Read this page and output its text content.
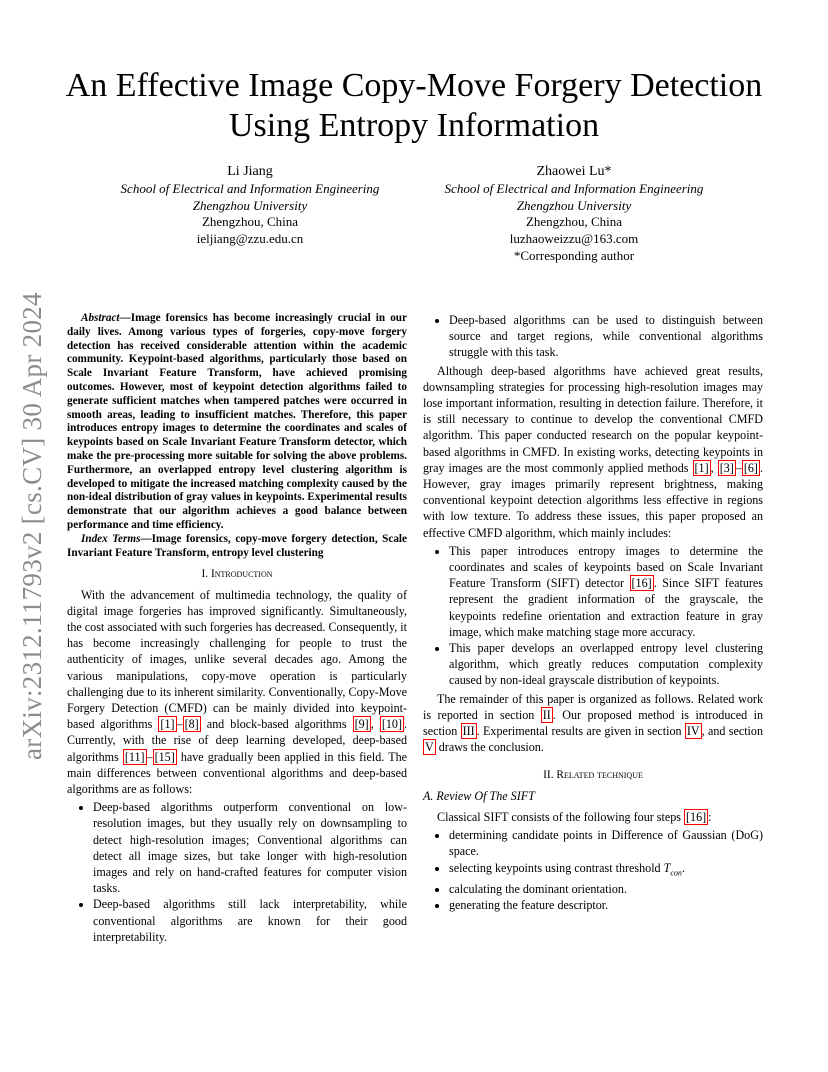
arXiv:2312.11793v2 [cs.CV] 30 Apr 2024
An Effective Image Copy-Move Forgery Detection Using Entropy Information
Li Jiang
School of Electrical and Information Engineering
Zhengzhou University
Zhengzhou, China
ieljiang@zzu.edu.cn
Zhaowei Lu*
School of Electrical and Information Engineering
Zhengzhou University
Zhengzhou, China
luzhaoweizzu@163.com
*Corresponding author

Abstract—Image forensics has become increasingly crucial in our daily lives. Among various types of forgeries, copy-move forgery detection has received considerable attention within the academic community. Keypoint-based algorithms, particularly those based on Scale Invariant Feature Transform, have achieved promising outcomes. However, most of keypoint detection algorithms failed to generate sufficient matches when tampered patches were occurred in smooth areas, leading to insufficient matches. Therefore, this paper introduces entropy images to determine the coordinates and scales of keypoints based on Scale Invariant Feature Transform detector, which make the pre-processing more suitable for solving the above problems. Furthermore, an overlapped entropy level clustering algorithm is developed to mitigate the increased matching complexity caused by the non-ideal distribution of gray values in keypoints. Experimental results demonstrate that our algorithm achieves a good balance between performance and time efficiency.

Index Terms—Image forensics, copy-move forgery detection, Scale Invariant Feature Transform, entropy level clustering

I. Introduction

With the advancement of multimedia technology, the quality of digital image forgeries has improved significantly. Simultaneously, the cost associated with such forgeries has decreased. Consequently, it has become increasingly challenging for people to trust the authenticity of images, unlike several decades ago. Among the various manipulations, copy-move operation is particularly challenging due to its inherent similarity. Conventionally, Copy-Move Forgery Detection (CMFD) can be mainly divided into keypoint-based algorithms [1] – [8] and block-based algorithms [9] , [10] . Currently, with the rise of deep learning developed, deep-based algorithms [11] – [15] have gradually been applied in this field. The main differences between conventional algorithms and deep-based algorithms are as follows:

• Deep-based algorithms outperform conventional on low-resolution images, but they usually rely on downsampling to detect high-resolution images; Conventional algorithms can detect all image sizes, but take longer with high-resolution images and rely on hand-crafted features for computer vision tasks.
• Deep-based algorithms still lack interpretability, while conventional algorithms are known for their good interpretability.
• Deep-based algorithms can be used to distinguish between source and target regions, while conventional algorithms struggle with this task.

Although deep-based algorithms have achieved great results, downsampling strategies for processing high-resolution images may lose important information, resulting in detection failure. Therefore, it is still necessary to continue to develop the conventional CMFD algorithm. This paper conducted research on the popular keypoint-based algorithms in CMFD. In existing works, detecting keypoints in gray images are the most commonly applied methods [1] , [3] – [6] . However, gray images primarily represent brightness, making conventional keypoint detection algorithms less effective in regions with low texture. To address these issues, this paper proposed an effective CMFD algorithm, which mainly includes:

• This paper introduces entropy images to determine the coordinates and scales of keypoints based on Scale Invariant Feature Transform (SIFT) detector [16] . Since SIFT features represent the gradient information of the grayscale, the keypoints redefine orientation and extraction feature in gray image, which make matching stage more accuracy.
• This paper develops an overlapped entropy level clustering algorithm, which greatly reduces computation complexity caused by non-ideal grayscale distribution of keypoints.

The remainder of this paper is organized as follows. Related work is reported in section II . Our proposed method is introduced in section III . Experimental results are given in section IV , and section V draws the conclusion.

II. Related technique
A. Review Of The SIFT

Classical SIFT consists of the following four steps [16] :

• determining candidate points in Difference of Gaussian (DoG) space.
• selecting keypoints using contrast threshold $T_{con}$.
• calculating the dominant orientation.
• generating the feature descriptor.
